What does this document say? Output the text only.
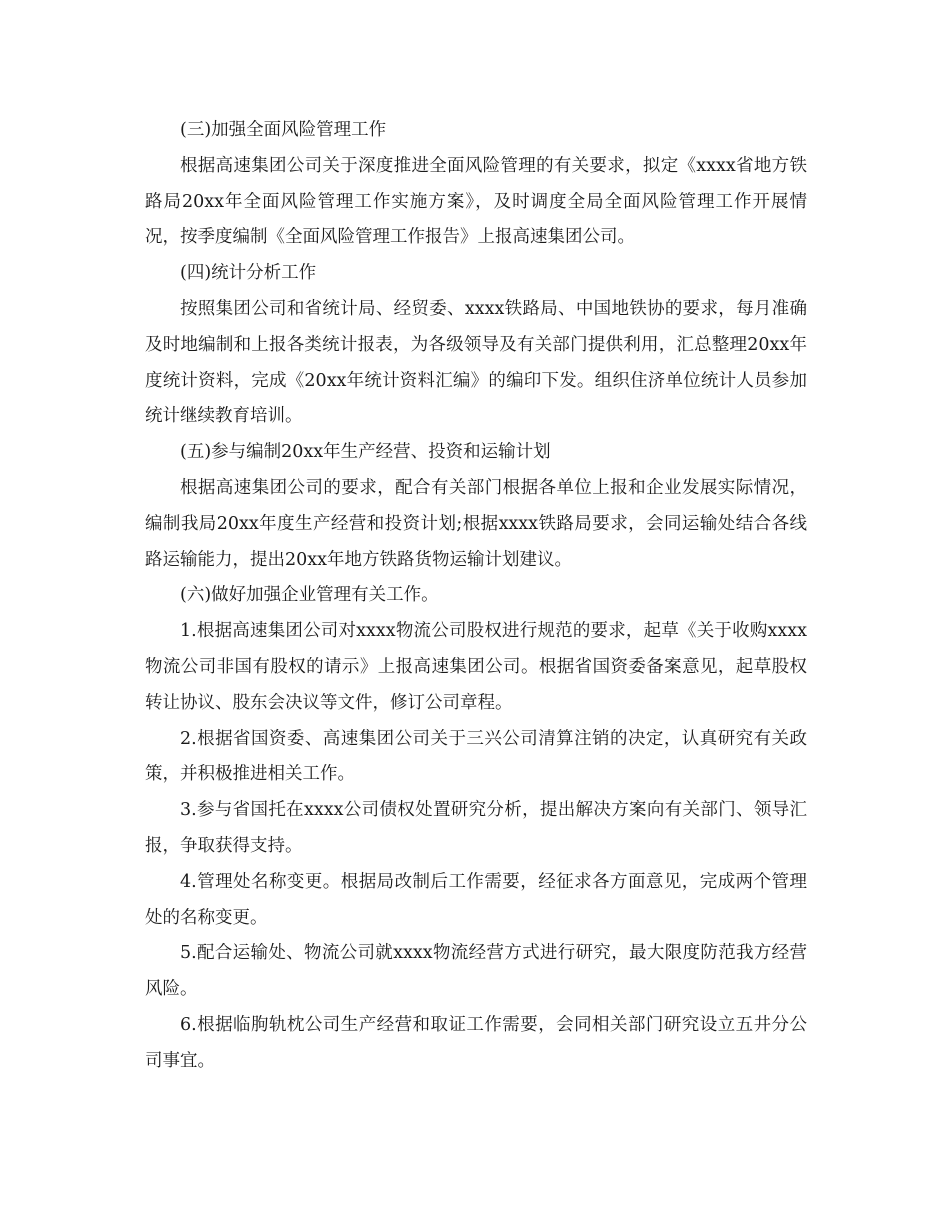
(三)加强全面风险管理工作

根据高速集团公司关于深度推进全面风险管理的有关要求，拟定《xxxx省地方铁路局20xx年全面风险管理工作实施方案》，及时调度全局全面风险管理工作开展情况，按季度编制《全面风险管理工作报告》上报高速集团公司。

(四)统计分析工作

按照集团公司和省统计局、经贸委、xxxx铁路局、中国地铁协的要求，每月准确及时地编制和上报各类统计报表，为各级领导及有关部门提供利用，汇总整理20xx年度统计资料，完成《20xx年统计资料汇编》的编印下发。组织住济单位统计人员参加统计继续教育培训。

(五)参与编制20xx年生产经营、投资和运输计划

根据高速集团公司的要求，配合有关部门根据各单位上报和企业发展实际情况，编制我局20xx年度生产经营和投资计划;根据xxxx铁路局要求，会同运输处结合各线路运输能力，提出20xx年地方铁路货物运输计划建议。

(六)做好加强企业管理有关工作。

1.根据高速集团公司对xxxx物流公司股权进行规范的要求，起草《关于收购xxxx物流公司非国有股权的请示》上报高速集团公司。根据省国资委备案意见，起草股权转让协议、股东会决议等文件，修订公司章程。

2.根据省国资委、高速集团公司关于三兴公司清算注销的决定，认真研究有关政策，并积极推进相关工作。

3.参与省国托在xxxx公司债权处置研究分析，提出解决方案向有关部门、领导汇报，争取获得支持。

4.管理处名称变更。根据局改制后工作需要，经征求各方面意见，完成两个管理处的名称变更。

5.配合运输处、物流公司就xxxx物流经营方式进行研究，最大限度防范我方经营风险。

6.根据临朐轨枕公司生产经营和取证工作需要，会同相关部门研究设立五井分公司事宜。
